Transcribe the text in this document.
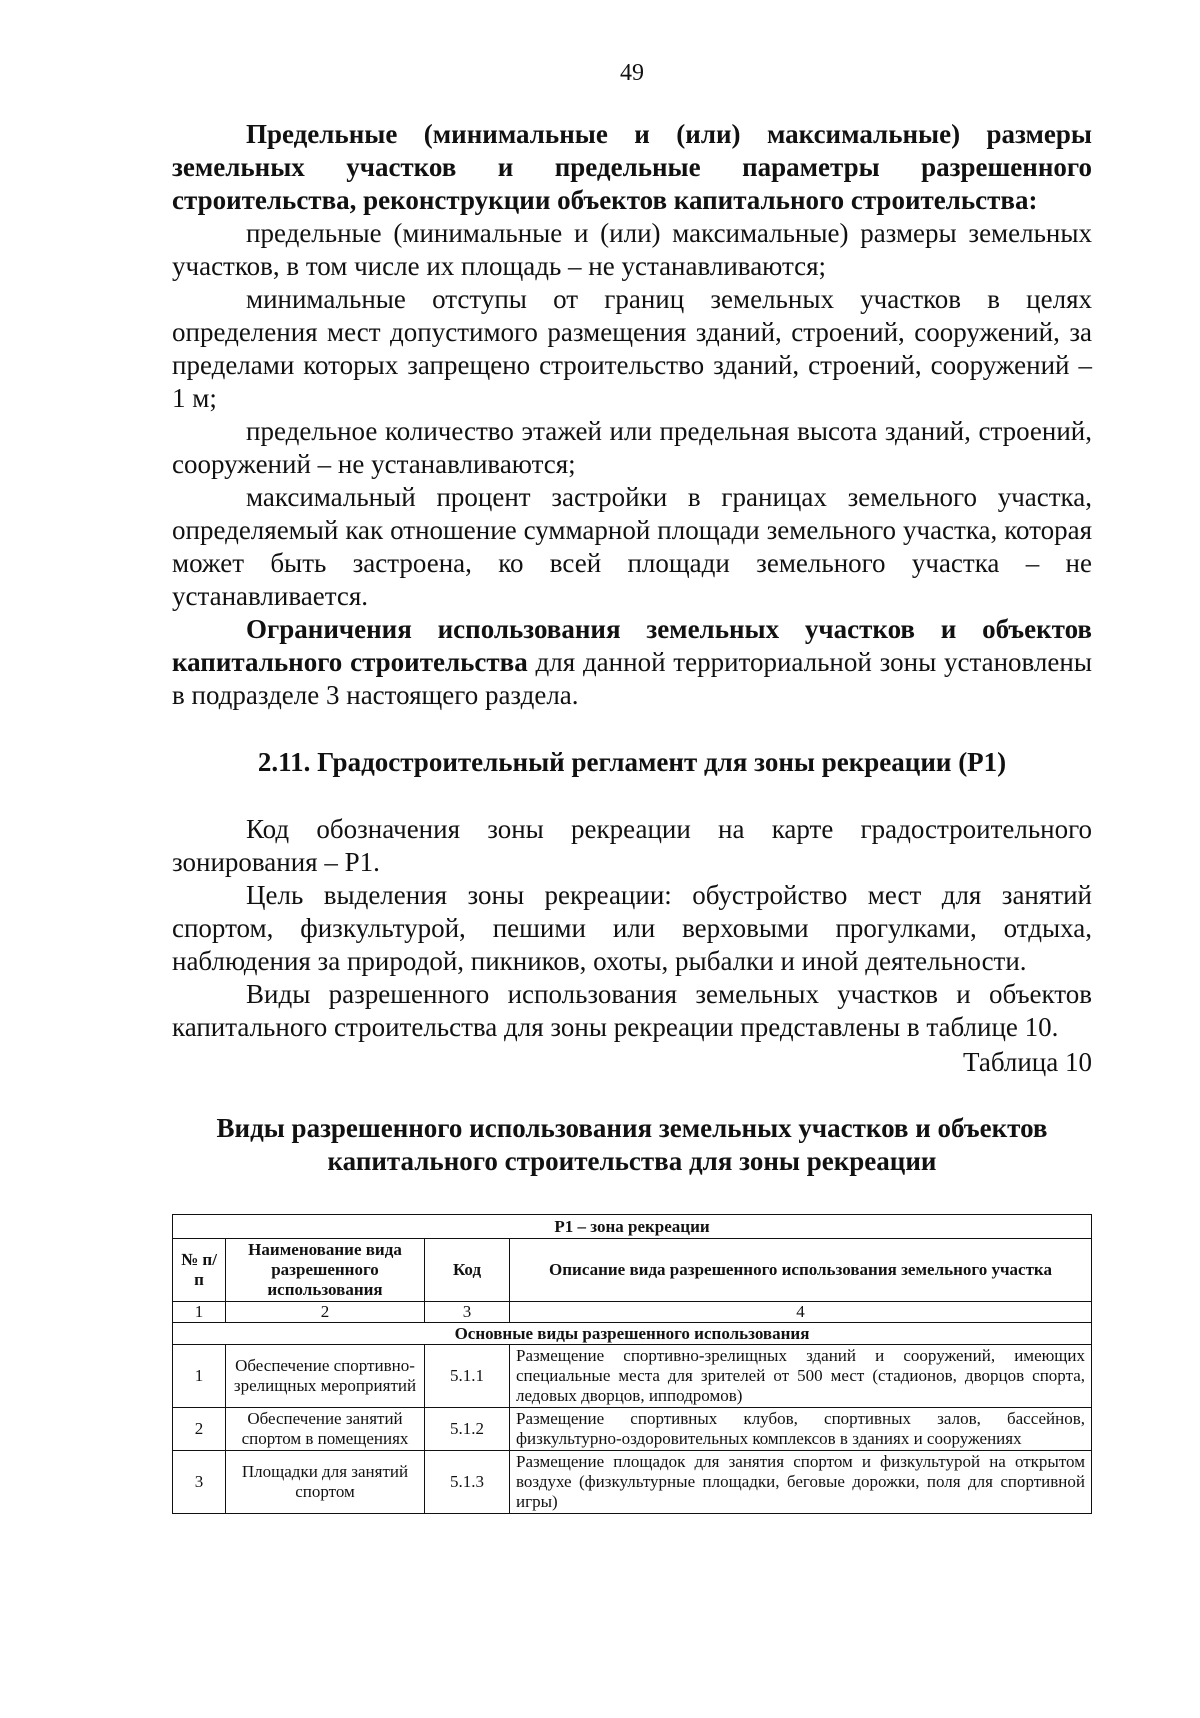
49
Предельные (минимальные и (или) максимальные) размеры земельных участков и предельные параметры разрешенного строительства, реконструкции объектов капитального строительства:

предельные (минимальные и (или) максимальные) размеры земельных участков, в том числе их площадь – не устанавливаются;

минимальные отступы от границ земельных участков в целях определения мест допустимого размещения зданий, строений, сооружений, за пределами которых запрещено строительство зданий, строений, сооружений – 1 м;

предельное количество этажей или предельная высота зданий, строений, сооружений – не устанавливаются;

максимальный процент застройки в границах земельного участка, определяемый как отношение суммарной площади земельного участка, которая может быть застроена, ко всей площади земельного участка – не устанавливается.

Ограничения использования земельных участков и объектов капитального строительства для данной территориальной зоны установлены в подразделе 3 настоящего раздела.

2.11. Градостроительный регламент для зоны рекреации (Р1)

Код обозначения зоны рекреации на карте градостроительного зонирования – Р1.

Цель выделения зоны рекреации: обустройство мест для занятий спортом, физкультурой, пешими или верховыми прогулками, отдыха, наблюдения за природой, пикников, охоты, рыбалки и иной деятельности.

Виды разрешенного использования земельных участков и объектов капитального строительства для зоны рекреации представлены в таблице 10.

Таблица 10
Виды разрешенного использования земельных участков и объектов капитального строительства для зоны рекреации
Р1 – зона рекреации			
№ п/п	Наименование вида разрешенного использования	Код	Описание вида разрешенного использования земельного участка
1	2	3	4
Основные виды разрешенного использования			
1	Обеспечение спортивно-зрелищных мероприятий	5.1.1	Размещение спортивно-зрелищных зданий и сооружений, имеющих специальные места для зрителей от 500 мест (стадионов, дворцов спорта, ледовых дворцов, ипподромов)
2	Обеспечение занятий спортом в помещениях	5.1.2	Размещение спортивных клубов, спортивных залов, бассейнов, физкультурно-оздоровительных комплексов в зданиях и сооружениях
3	Площадки для занятий спортом	5.1.3	Размещение площадок для занятия спортом и физкультурой на открытом воздухе (физкультурные площадки, беговые дорожки, поля для спортивной игры)
